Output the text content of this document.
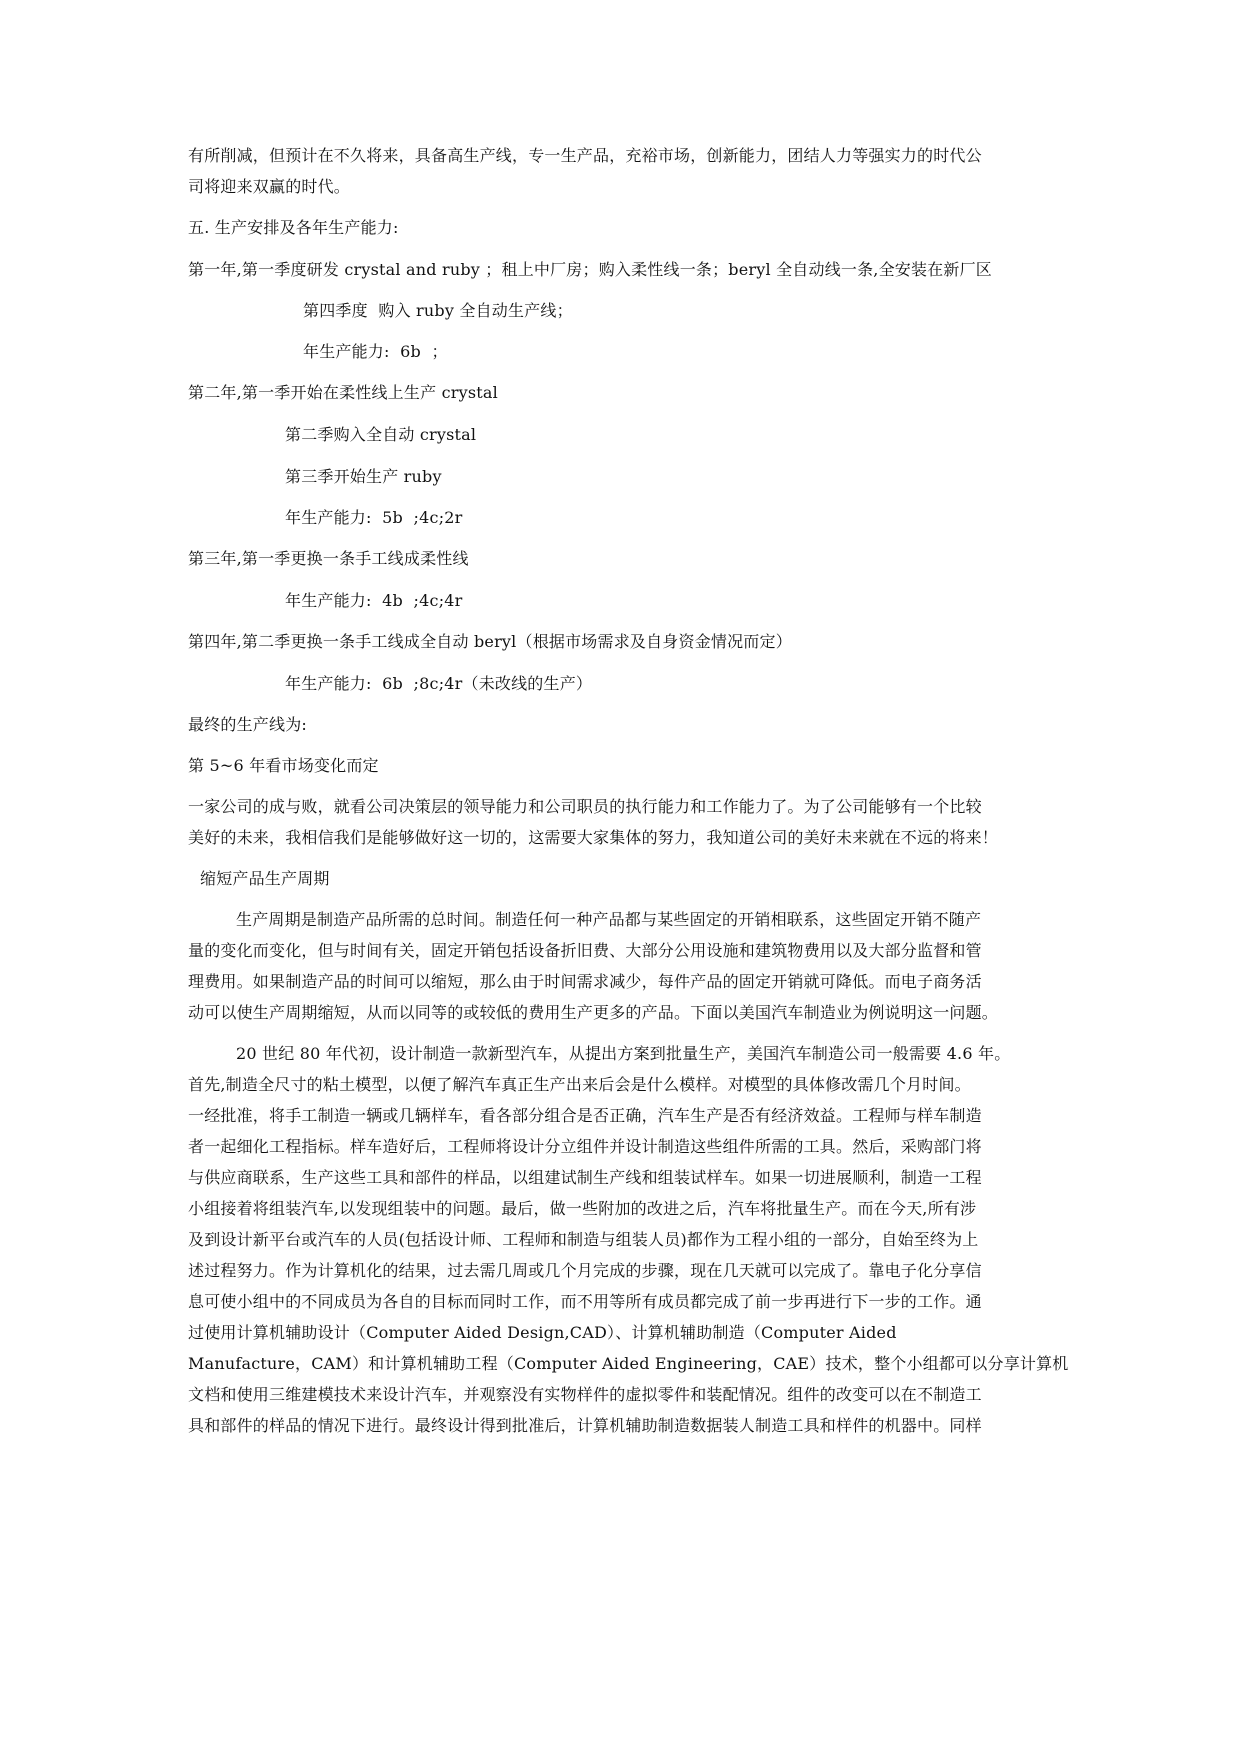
有所削减，但预计在不久将来，具备高生产线，专一生产品，充裕市场，创新能力，团结人力等强实力的时代公
司将迎来双赢的时代。
五. 生产安排及各年生产能力:
第一年,第一季度研发 crystal and ruby ；租上中厂房；购入柔性线一条；beryl 全自动线一条,全安装在新厂区
第四季度  购入 ruby 全自动生产线；
年生产能力:  6b  ；
第二年,第一季开始在柔性线上生产 crystal
第二季购入全自动 crystal
第三季开始生产 ruby
年生产能力:  5b  ;4c;2r
第三年,第一季更换一条手工线成柔性线
年生产能力:  4b  ;4c;4r
第四年,第二季更换一条手工线成全自动 beryl（根据市场需求及自身资金情况而定）
年生产能力:  6b  ;8c;4r（未改线的生产）
最终的生产线为:
第 5~6 年看市场变化而定
一家公司的成与败，就看公司决策层的领导能力和公司职员的执行能力和工作能力了。为了公司能够有一个比较
美好的未来，我相信我们是能够做好这一切的，这需要大家集体的努力，我知道公司的美好未来就在不远的将来！
缩短产品生产周期
生产周期是制造产品所需的总时间。制造任何一种产品都与某些固定的开销相联系，这些固定开销不随产
量的变化而变化，但与时间有关，固定开销包括设备折旧费、大部分公用设施和建筑物费用以及大部分监督和管
理费用。如果制造产品的时间可以缩短，那么由于时间需求减少，每件产品的固定开销就可降低。而电子商务活
动可以使生产周期缩短，从而以同等的或较低的费用生产更多的产品。下面以美国汽车制造业为例说明这一问题。
20 世纪 80 年代初，设计制造一款新型汽车，从提出方案到批量生产，美国汽车制造公司一般需要 4.6 年。
首先,制造全尺寸的粘土模型，以便了解汽车真正生产出来后会是什么模样。对模型的具体修改需几个月时间。
一经批准，将手工制造一辆或几辆样车，看各部分组合是否正确，汽车生产是否有经济效益。工程师与样车制造
者一起细化工程指标。样车造好后，工程师将设计分立组件并设计制造这些组件所需的工具。然后，采购部门将
与供应商联系，生产这些工具和部件的样品，以组建试制生产线和组装试样车。如果一切进展顺利，制造一工程
小组接着将组装汽车,以发现组装中的问题。最后，做一些附加的改进之后，汽车将批量生产。而在今天,所有涉
及到设计新平台或汽车的人员(包括设计师、工程师和制造与组装人员)都作为工程小组的一部分，自始至终为上
述过程努力。作为计算机化的结果，过去需几周或几个月完成的步骤，现在几天就可以完成了。靠电子化分享信
息可使小组中的不同成员为各自的目标而同时工作，而不用等所有成员都完成了前一步再进行下一步的工作。通
过使用计算机辅助设计（Computer Aided Design,CAD）、计算机辅助制造（Computer Aided
Manufacture，CAM）和计算机辅助工程（Computer Aided Engineering，CAE）技术，整个小组都可以分享计算机
文档和使用三维建模技术来设计汽车，并观察没有实物样件的虚拟零件和装配情况。组件的改变可以在不制造工
具和部件的样品的情况下进行。最终设计得到批准后，计算机辅助制造数据装人制造工具和样件的机器中。同样
